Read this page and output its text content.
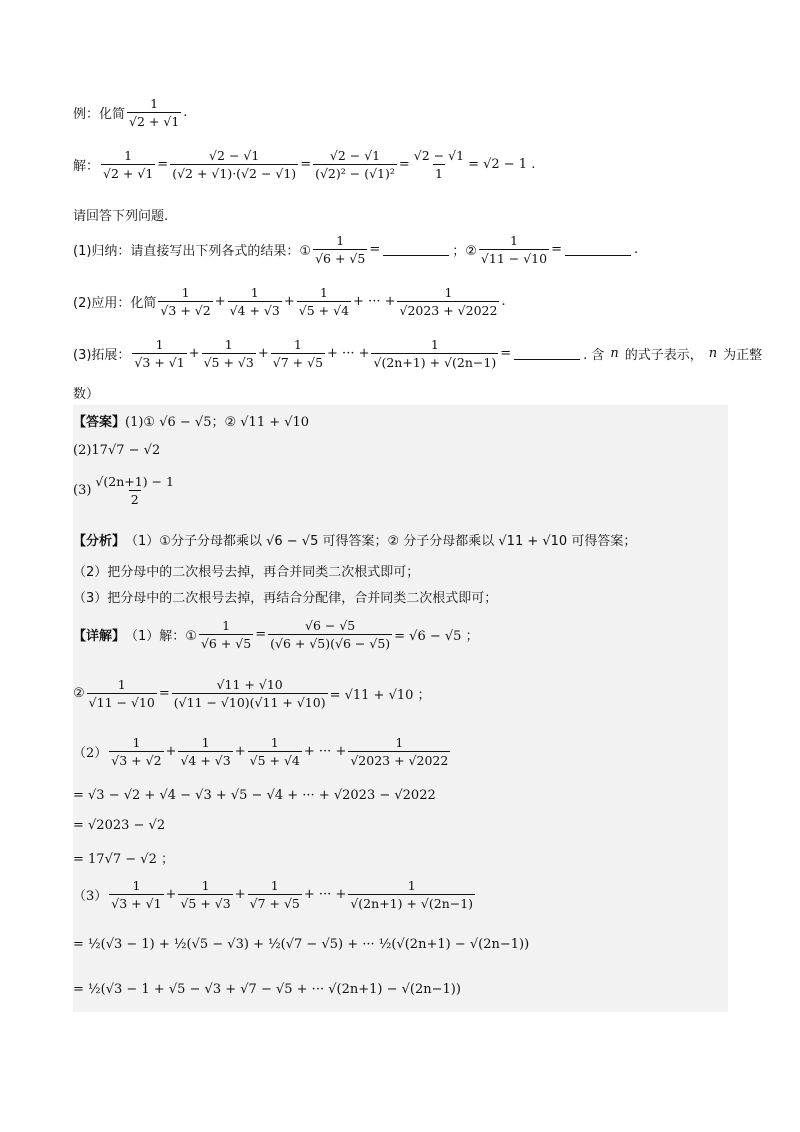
例：化简 $\frac{1}{√2 + √1}$ .
解： $\frac{1}{√2 + √1} = \frac{√2 - √1}{(√2 + √1)\cdot(√2 - √1)} = \frac{√2 - √1}{\text{(√2)² − (√1)²}} = \frac{√2 - √1}{1} = √2 - 1$ .
请回答下列问题.
(1)归纳：请直接写出下列各式的结果：① $\frac{1}{√6 + √5}$ =	；② $\frac{1}{√11 - √10}$ =	.
(2)应用：化简 $\frac{1}{√3 + √2} + \frac{1}{√4 + √3} + \frac{1}{√5 + √4}$ + ··· + $\frac{1}{√2023 + √2022}$ .
(3)拓展： $\frac{1}{√3 + √1} + \frac{1}{√5 + √3} + \frac{1}{√7 + √5}$ + ··· + $\frac{1}{√(2n+1) + √(2n-1)}$ =	. 含 n 的式子表示， n 为正整
数）
【答案】 (1)① √6 − √5；② √11 + √10
(2)17√7 − √2
$(3) \frac{√(2n+1) - 1}{2}$
【分析】 （1）①分子分母都乘以 √6 − √5 可得答案；② 分子分母都乘以 √11 + √10 可得答案；
（2）把分母中的二次根号去掉，再合并同类二次根式即可；
（3）把分母中的二次根号去掉，再结合分配律，合并同类二次根式即可；
【详解】 （1）解：① $\frac{1}{√6 + √5} = \frac{√6 - √5}{(√6 + √5)(√6 - √5)} = √6 - √5$ ；
② $\frac{1}{√11 - √10} = \frac{√11 + √10}{(√11 - √10)(√11 + √10)} = √11 + √10$ ；
$(2) \frac{1}{√3 + √2} + \frac{1}{√4 + √3} + \frac{1}{√5 + √4}$ + ··· + $\frac{1}{√2023 + √2022}$
= √3 − √2 + √4 − √3 + √5 − √4 + ··· + √2023 − √2022
= √2023 − √2
= 17√7 − √2 ；
$(3) \frac{1}{√3 + √1} + \frac{1}{√5 + √3} + \frac{1}{√7 + √5}$ + ··· + $\frac{1}{√(2n+1) + √(2n-1)}$
= ½(√3 − 1) + ½(√5 − √3) + ½(√7 − √5) + ··· ½(√(2n+1) − √(2n−1))
= ½(√3 − 1 + √5 − √3 + √7 − √5 + ··· √(2n+1) − √(2n−1))
